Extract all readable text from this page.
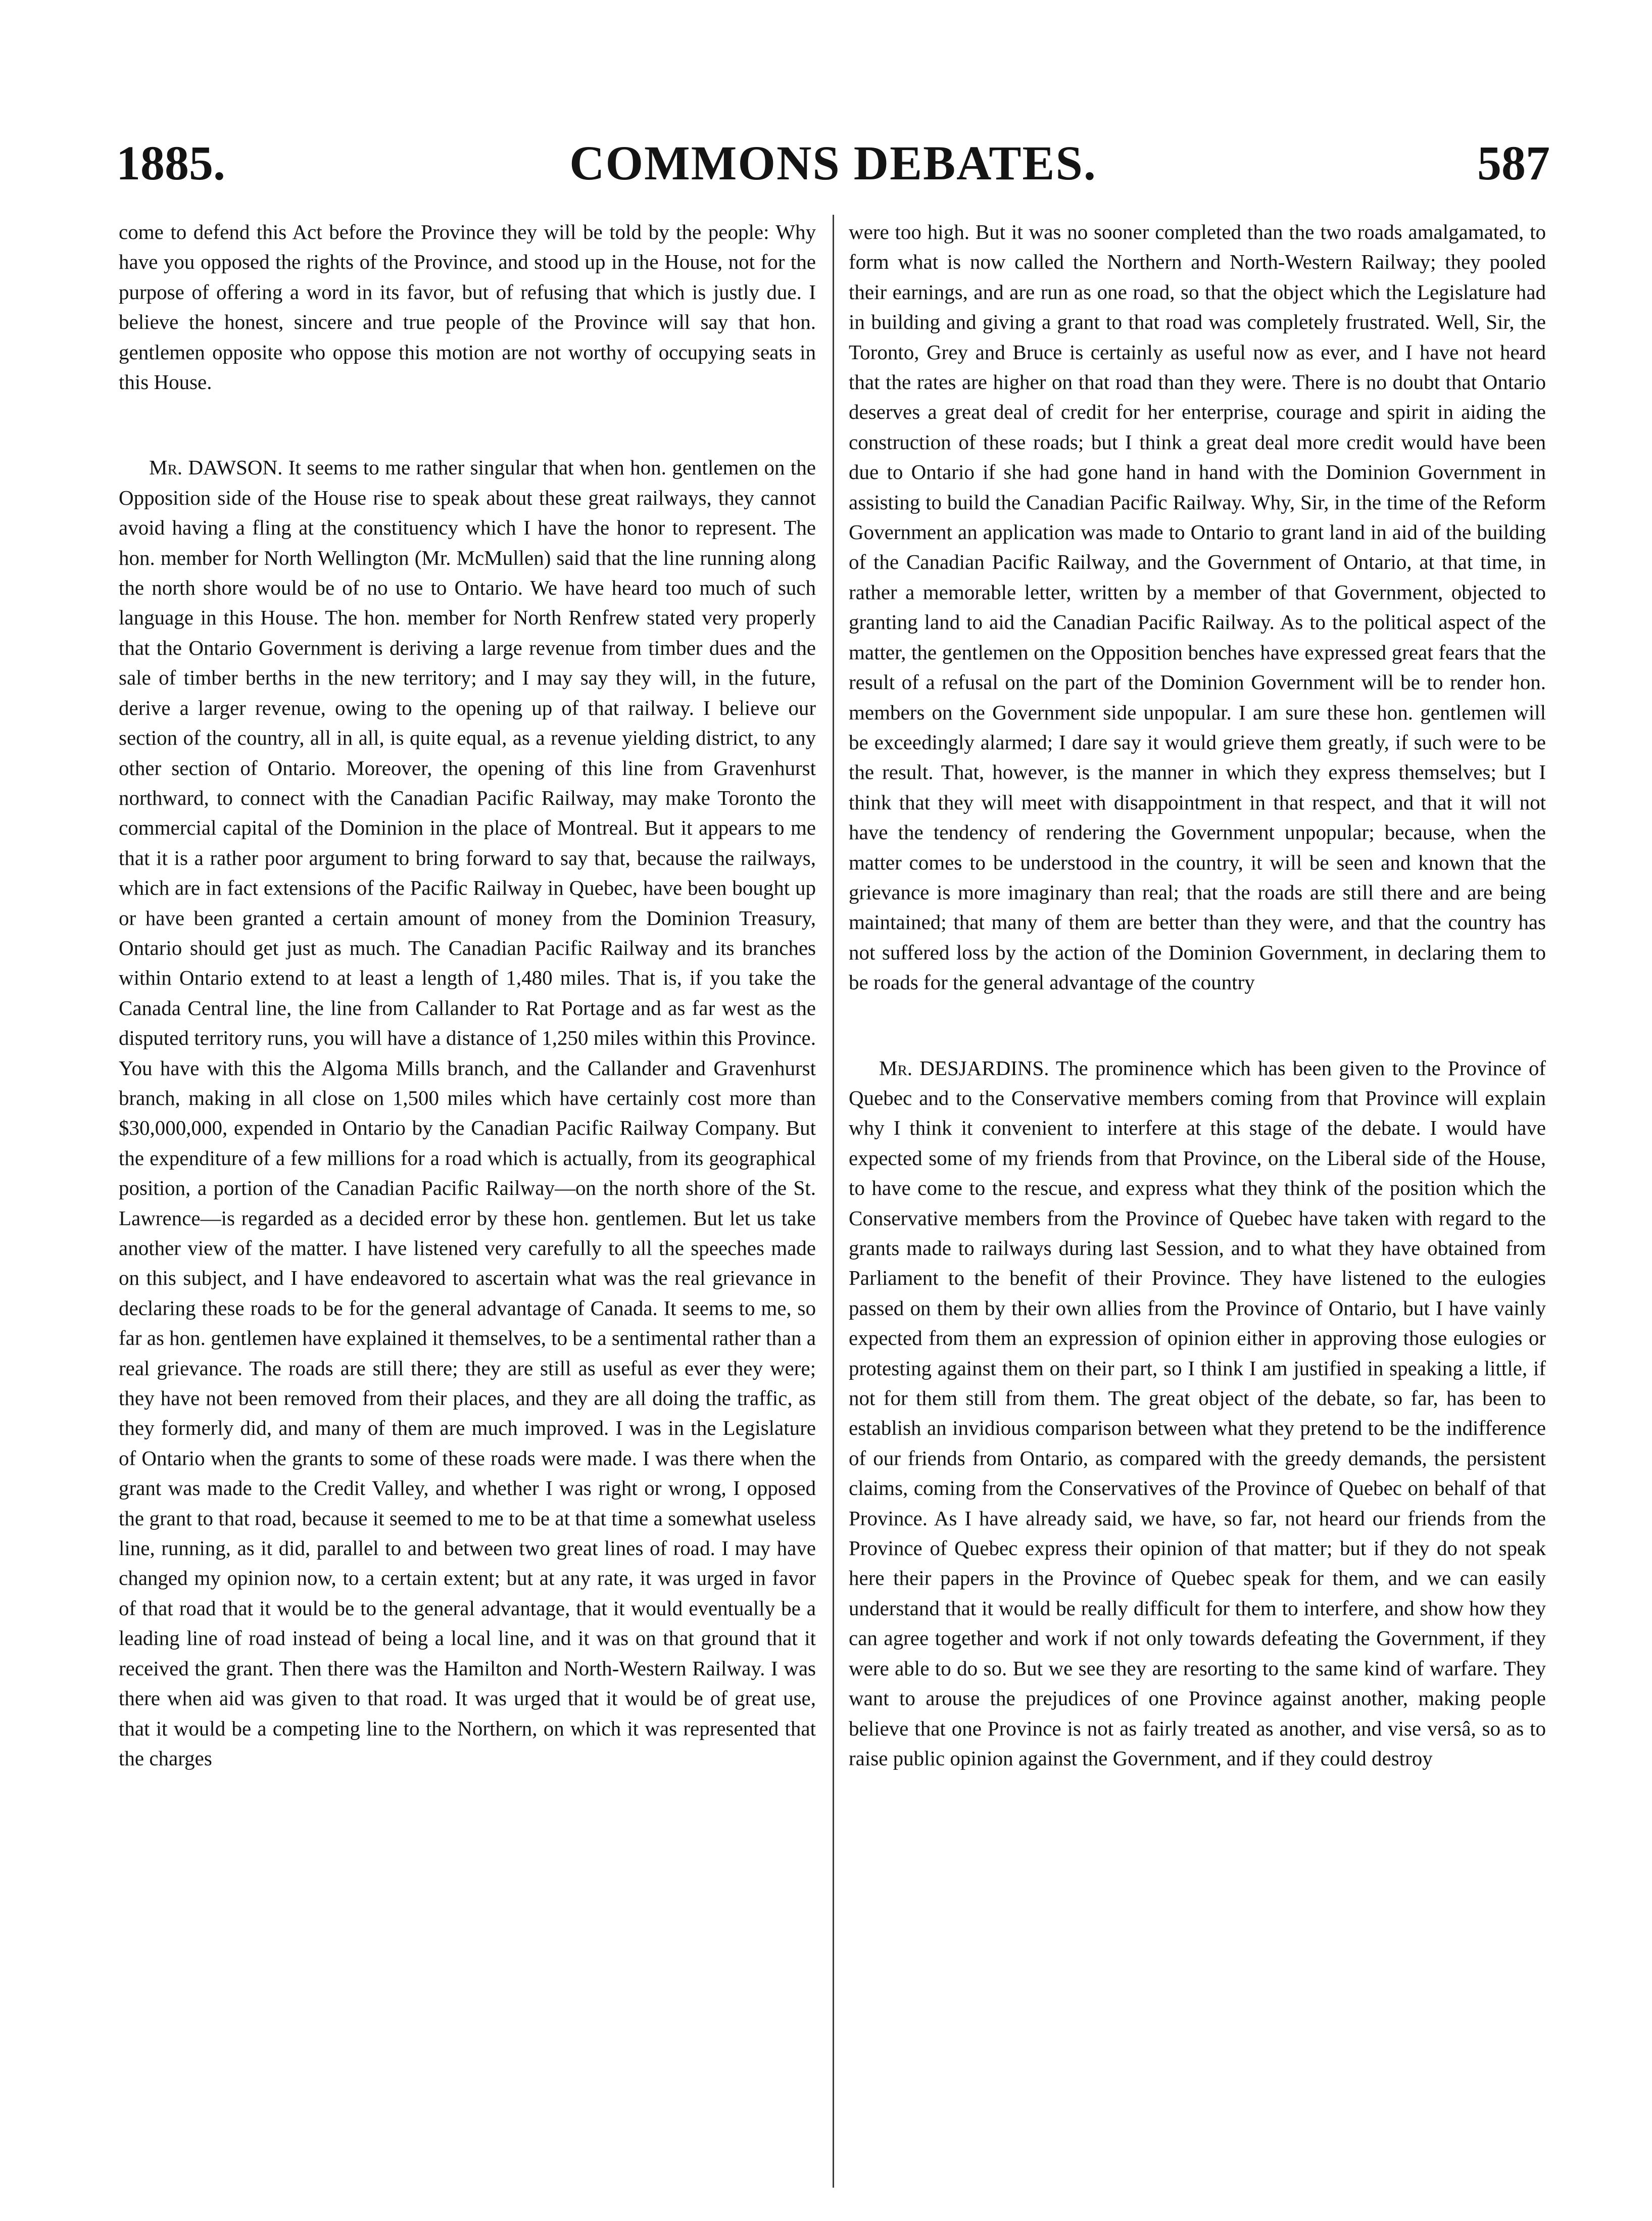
COMMONS DEBATES.
1885.	587

come to defend this Act before the Province they will be told by the people: Why have you opposed the rights of the Province, and stood up in the House, not for the purpose of offering a word in its favor, but of refusing that which is justly due. I believe the honest, sincere and true people of the Province will say that hon. gentlemen opposite who oppose this motion are not worthy of occupying seats in this House.

Mr. DAWSON. It seems to me rather singular that when hon. gentlemen on the Opposition side of the House rise to speak about these great railways, they cannot avoid having a fling at the constituency which I have the honor to represent. The hon. member for North Wellington (Mr. McMullen) said that the line running along the north shore would be of no use to Ontario. We have heard too much of such language in this House. The hon. member for North Renfrew stated very properly that the Ontario Government is deriving a large revenue from timber dues and the sale of timber berths in the new territory; and I may say they will, in the future, derive a larger revenue, owing to the opening up of that railway. I believe our section of the country, all in all, is quite equal, as a revenue yielding district, to any other section of Ontario. Moreover, the opening of this line from Gravenhurst northward, to connect with the Canadian Pacific Railway, may make Toronto the commercial capital of the Dominion in the place of Montreal. But it appears to me that it is a rather poor argument to bring forward to say that, because the railways, which are in fact extensions of the Pacific Railway in Quebec, have been bought up or have been granted a certain amount of money from the Dominion Treasury, Ontario should get just as much. The Canadian Pacific Railway and its branches within Ontario extend to at least a length of 1,480 miles. That is, if you take the Canada Central line, the line from Callander to Rat Portage and as far west as the disputed territory runs, you will have a distance of 1,250 miles within this Province. You have with this the Algoma Mills branch, and the Callander and Gravenhurst branch, making in all close on 1,500 miles which have certainly cost more than $30,000,000, expended in Ontario by the Canadian Pacific Railway Company. But the expenditure of a few millions for a road which is actually, from its geographical position, a portion of the Canadian Pacific Railway—on the north shore of the St. Lawrence—is regarded as a decided error by these hon. gentlemen. But let us take another view of the matter. I have listened very carefully to all the speeches made on this subject, and I have endeavored to ascertain what was the real grievance in declaring these roads to be for the general advantage of Canada. It seems to me, so far as hon. gentlemen have explained it themselves, to be a sentimental rather than a real grievance. The roads are still there; they are still as useful as ever they were; they have not been removed from their places, and they are all doing the traffic, as they formerly did, and many of them are much improved. I was in the Legislature of Ontario when the grants to some of these roads were made. I was there when the grant was made to the Credit Valley, and whether I was right or wrong, I opposed the grant to that road, because it seemed to me to be at that time a somewhat useless line, running, as it did, parallel to and between two great lines of road. I may have changed my opinion now, to a certain extent; but at any rate, it was urged in favor of that road that it would be to the general advantage, that it would eventually be a leading line of road instead of being a local line, and it was on that ground that it received the grant. Then there was the Hamilton and North-Western Railway. I was there when aid was given to that road. It was urged that it would be of great use, that it would be a competing line to the Northern, on which it was represented that the charges

were too high. But it was no sooner completed than the two roads amalgamated, to form what is now called the Northern and North-Western Railway; they pooled their earnings, and are run as one road, so that the object which the Legislature had in building and giving a grant to that road was completely frustrated. Well, Sir, the Toronto, Grey and Bruce is certainly as useful now as ever, and I have not heard that the rates are higher on that road than they were. There is no doubt that Ontario deserves a great deal of credit for her enterprise, courage and spirit in aiding the construction of these roads; but I think a great deal more credit would have been due to Ontario if she had gone hand in hand with the Dominion Government in assisting to build the Canadian Pacific Railway. Why, Sir, in the time of the Reform Government an application was made to Ontario to grant land in aid of the building of the Canadian Pacific Railway, and the Government of Ontario, at that time, in rather a memorable letter, written by a member of that Government, objected to granting land to aid the Canadian Pacific Railway. As to the political aspect of the matter, the gentlemen on the Opposition benches have expressed great fears that the result of a refusal on the part of the Dominion Government will be to render hon. members on the Government side unpopular. I am sure these hon. gentlemen will be exceedingly alarmed; I dare say it would grieve them greatly, if such were to be the result. That, however, is the manner in which they express themselves; but I think that they will meet with disappointment in that respect, and that it will not have the tendency of rendering the Government unpopular; because, when the matter comes to be understood in the country, it will be seen and known that the grievance is more imaginary than real; that the roads are still there and are being maintained; that many of them are better than they were, and that the country has not suffered loss by the action of the Dominion Government, in declaring them to be roads for the general advantage of the country

Mr. DESJARDINS. The prominence which has been given to the Province of Quebec and to the Conservative members coming from that Province will explain why I think it convenient to interfere at this stage of the debate. I would have expected some of my friends from that Province, on the Liberal side of the House, to have come to the rescue, and express what they think of the position which the Conservative members from the Province of Quebec have taken with regard to the grants made to railways during last Session, and to what they have obtained from Parliament to the benefit of their Province. They have listened to the eulogies passed on them by their own allies from the Province of Ontario, but I have vainly expected from them an expression of opinion either in approving those eulogies or protesting against them on their part, so I think I am justified in speaking a little, if not for them still from them. The great object of the debate, so far, has been to establish an invidious comparison between what they pretend to be the indifference of our friends from Ontario, as compared with the greedy demands, the persistent claims, coming from the Conservatives of the Province of Quebec on behalf of that Province. As I have already said, we have, so far, not heard our friends from the Province of Quebec express their opinion of that matter; but if they do not speak here their papers in the Province of Quebec speak for them, and we can easily understand that it would be really difficult for them to interfere, and show how they can agree together and work if not only towards defeating the Government, if they were able to do so. But we see they are resorting to the same kind of warfare. They want to arouse the prejudices of one Province against another, making people believe that one Province is not as fairly treated as another, and vise versâ, so as to raise public opinion against the Government, and if they could destroy
